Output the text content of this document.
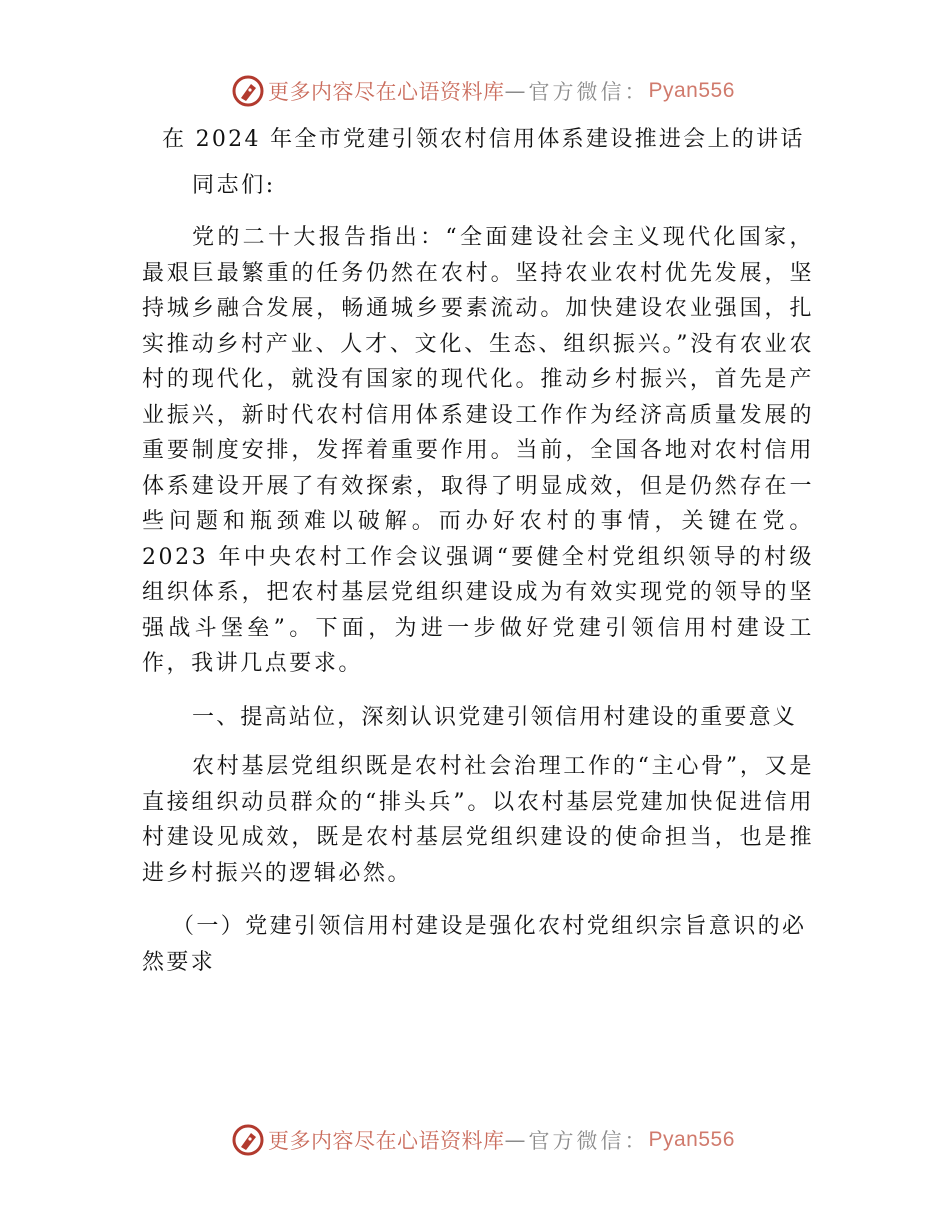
更多内容尽在心语资料库 — 官方微信： Pyan556
在 2024 年全市党建引领农村信用体系建设推进会上的讲话
同志们:

党的二十大报告指出：“全面建设社会主义现代化国家，最艰巨最繁重的任务仍然在农村。坚持农业农村优先发展，坚持城乡融合发展，畅通城乡要素流动。加快建设农业强国，扎实推动乡村产业、人才、文化、生态、组织振兴。”没有农业农村的现代化，就没有国家的现代化。推动乡村振兴，首先是产业振兴，新时代农村信用体系建设工作作为经济高质量发展的重要制度安排，发挥着重要作用。当前，全国各地对农村信用体系建设开展了有效探索，取得了明显成效，但是仍然存在一些问题和瓶颈难以破解。而办好农村的事情，关键在党。2023 年中央农村工作会议强调“要健全村党组织领导的村级组织体系，把农村基层党组织建设成为有效实现党的领导的坚强战斗堡垒”。下面，为进一步做好党建引领信用村建设工作，我讲几点要求。

一、提高站位，深刻认识党建引领信用村建设的重要意义

农村基层党组织既是农村社会治理工作的“主心骨”，又是直接组织动员群众的“排头兵”。以农村基层党建加快促进信用村建设见成效，既是农村基层党组织建设的使命担当，也是推进乡村振兴的逻辑必然。

（一）党建引领信用村建设是强化农村党组织宗旨意识的必然要求

更多内容尽在心语资料库 — 官方微信： Pyan556
